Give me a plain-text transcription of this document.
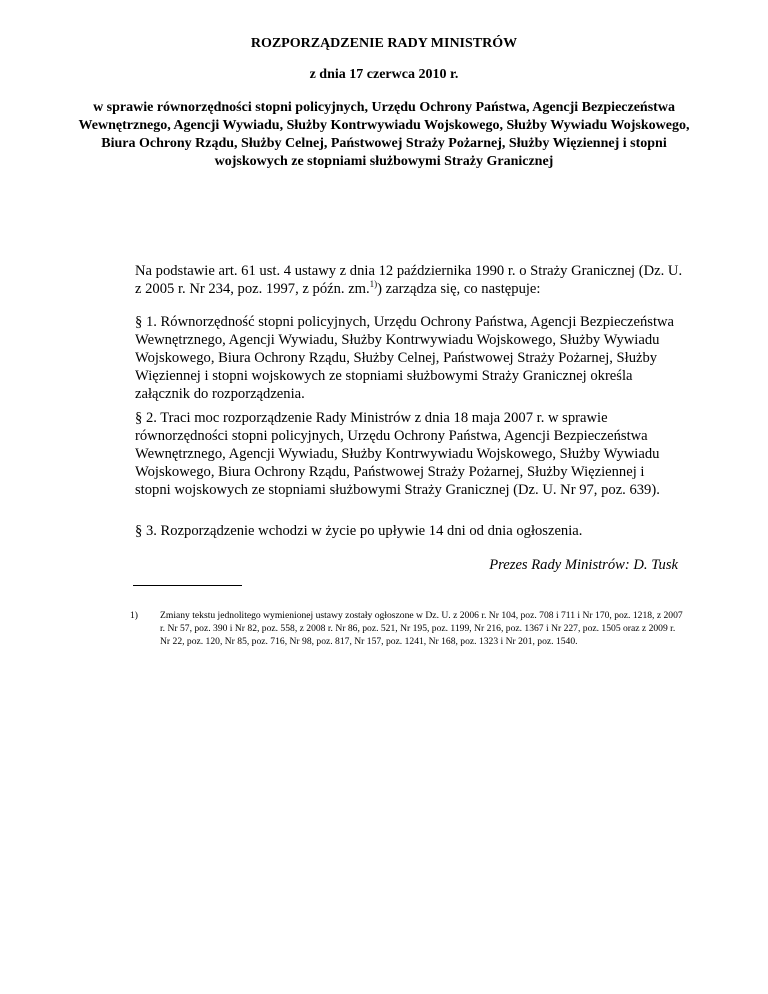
ROZPORZĄDZENIE RADY MINISTRÓW
z dnia 17 czerwca 2010 r.
w sprawie równorzędności stopni policyjnych, Urzędu Ochrony Państwa, Agencji Bezpieczeństwa Wewnętrznego, Agencji Wywiadu, Służby Kontrwywiadu Wojskowego, Służby Wywiadu Wojskowego, Biura Ochrony Rządu, Służby Celnej, Państwowej Straży Pożarnej, Służby Więziennej i stopni wojskowych ze stopniami służbowymi Straży Granicznej
Na podstawie art. 61 ust. 4 ustawy z dnia 12 października 1990 r. o Straży Granicznej (Dz. U. z 2005 r. Nr 234, poz. 1997, z późn. zm.$^{1)}$) zarządza się, co następuje:
§ 1. Równorzędność stopni policyjnych, Urzędu Ochrony Państwa, Agencji Bezpieczeństwa Wewnętrznego, Agencji Wywiadu, Służby Kontrwywiadu Wojskowego, Służby Wywiadu Wojskowego, Biura Ochrony Rządu, Służby Celnej, Państwowej Straży Pożarnej, Służby Więziennej i stopni wojskowych ze stopniami służbowymi Straży Granicznej określa załącznik do rozporządzenia.
§ 2. Traci moc rozporządzenie Rady Ministrów z dnia 18 maja 2007 r. w sprawie równorzędności stopni policyjnych, Urzędu Ochrony Państwa, Agencji Bezpieczeństwa Wewnętrznego, Agencji Wywiadu, Służby Kontrwywiadu Wojskowego, Służby Wywiadu Wojskowego, Biura Ochrony Rządu, Państwowej Straży Pożarnej, Służby Więziennej i stopni wojskowych ze stopniami służbowymi Straży Granicznej (Dz. U. Nr 97, poz. 639).
§ 3. Rozporządzenie wchodzi w życie po upływie 14 dni od dnia ogłoszenia.
Prezes Rady Ministrów: D. Tusk
1) Zmiany tekstu jednolitego wymienionej ustawy zostały ogłoszone w Dz. U. z 2006 r. Nr 104, poz. 708 i 711 i Nr 170, poz. 1218, z 2007 r. Nr 57, poz. 390 i Nr 82, poz. 558, z 2008 r. Nr 86, poz. 521, Nr 195, poz. 1199, Nr 216, poz. 1367 i Nr 227, poz. 1505 oraz z 2009 r. Nr 22, poz. 120, Nr 85, poz. 716, Nr 98, poz. 817, Nr 157, poz. 1241, Nr 168, poz. 1323 i Nr 201, poz. 1540.
